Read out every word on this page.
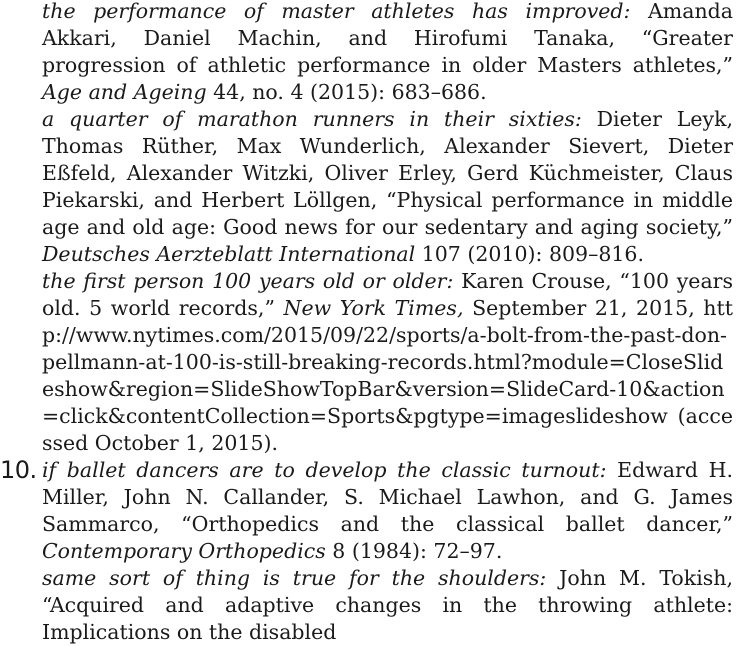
the performance of master athletes has improved: Amanda Akkari, Daniel Machin, and Hirofumi Tanaka, “Greater progression of athletic performance in older Masters athletes,” Age and Ageing 44, no. 4 (2015): 683–686.

a quarter of marathon runners in their sixties: Dieter Leyk, Thomas Rüther, Max Wunderlich, Alexander Sievert, Dieter Eßfeld, Alexander Witzki, Oliver Erley, Gerd Küchmeister, Claus Piekarski, and Herbert Löllgen, “Physical performance in middle age and old age: Good news for our sedentary and aging society,” Deutsches Aerzteblatt International 107 (2010): 809–816.

the first person 100 years old or older: Karen Crouse, “100 years old. 5 world records,” New York Times, September 21, 2015, http://www.nytimes.com/2015/09/22/sports/a-bolt-from-the-past-don-pellmann-at-100-is-still-breaking-records.html?module=CloseSlideshow&region=SlideShowTopBar&version=SlideCard-10&action=click&contentCollection=Sports&pgtype=imageslideshow (accessed October 1, 2015).

10. if ballet dancers are to develop the classic turnout: Edward H. Miller, John N. Callander, S. Michael Lawhon, and G. James Sammarco, “Orthopedics and the classical ballet dancer,” Contemporary Orthopedics 8 (1984): 72–97.

same sort of thing is true for the shoulders: John M. Tokish, “Acquired and adaptive changes in the throwing athlete: Implications on the disabled
